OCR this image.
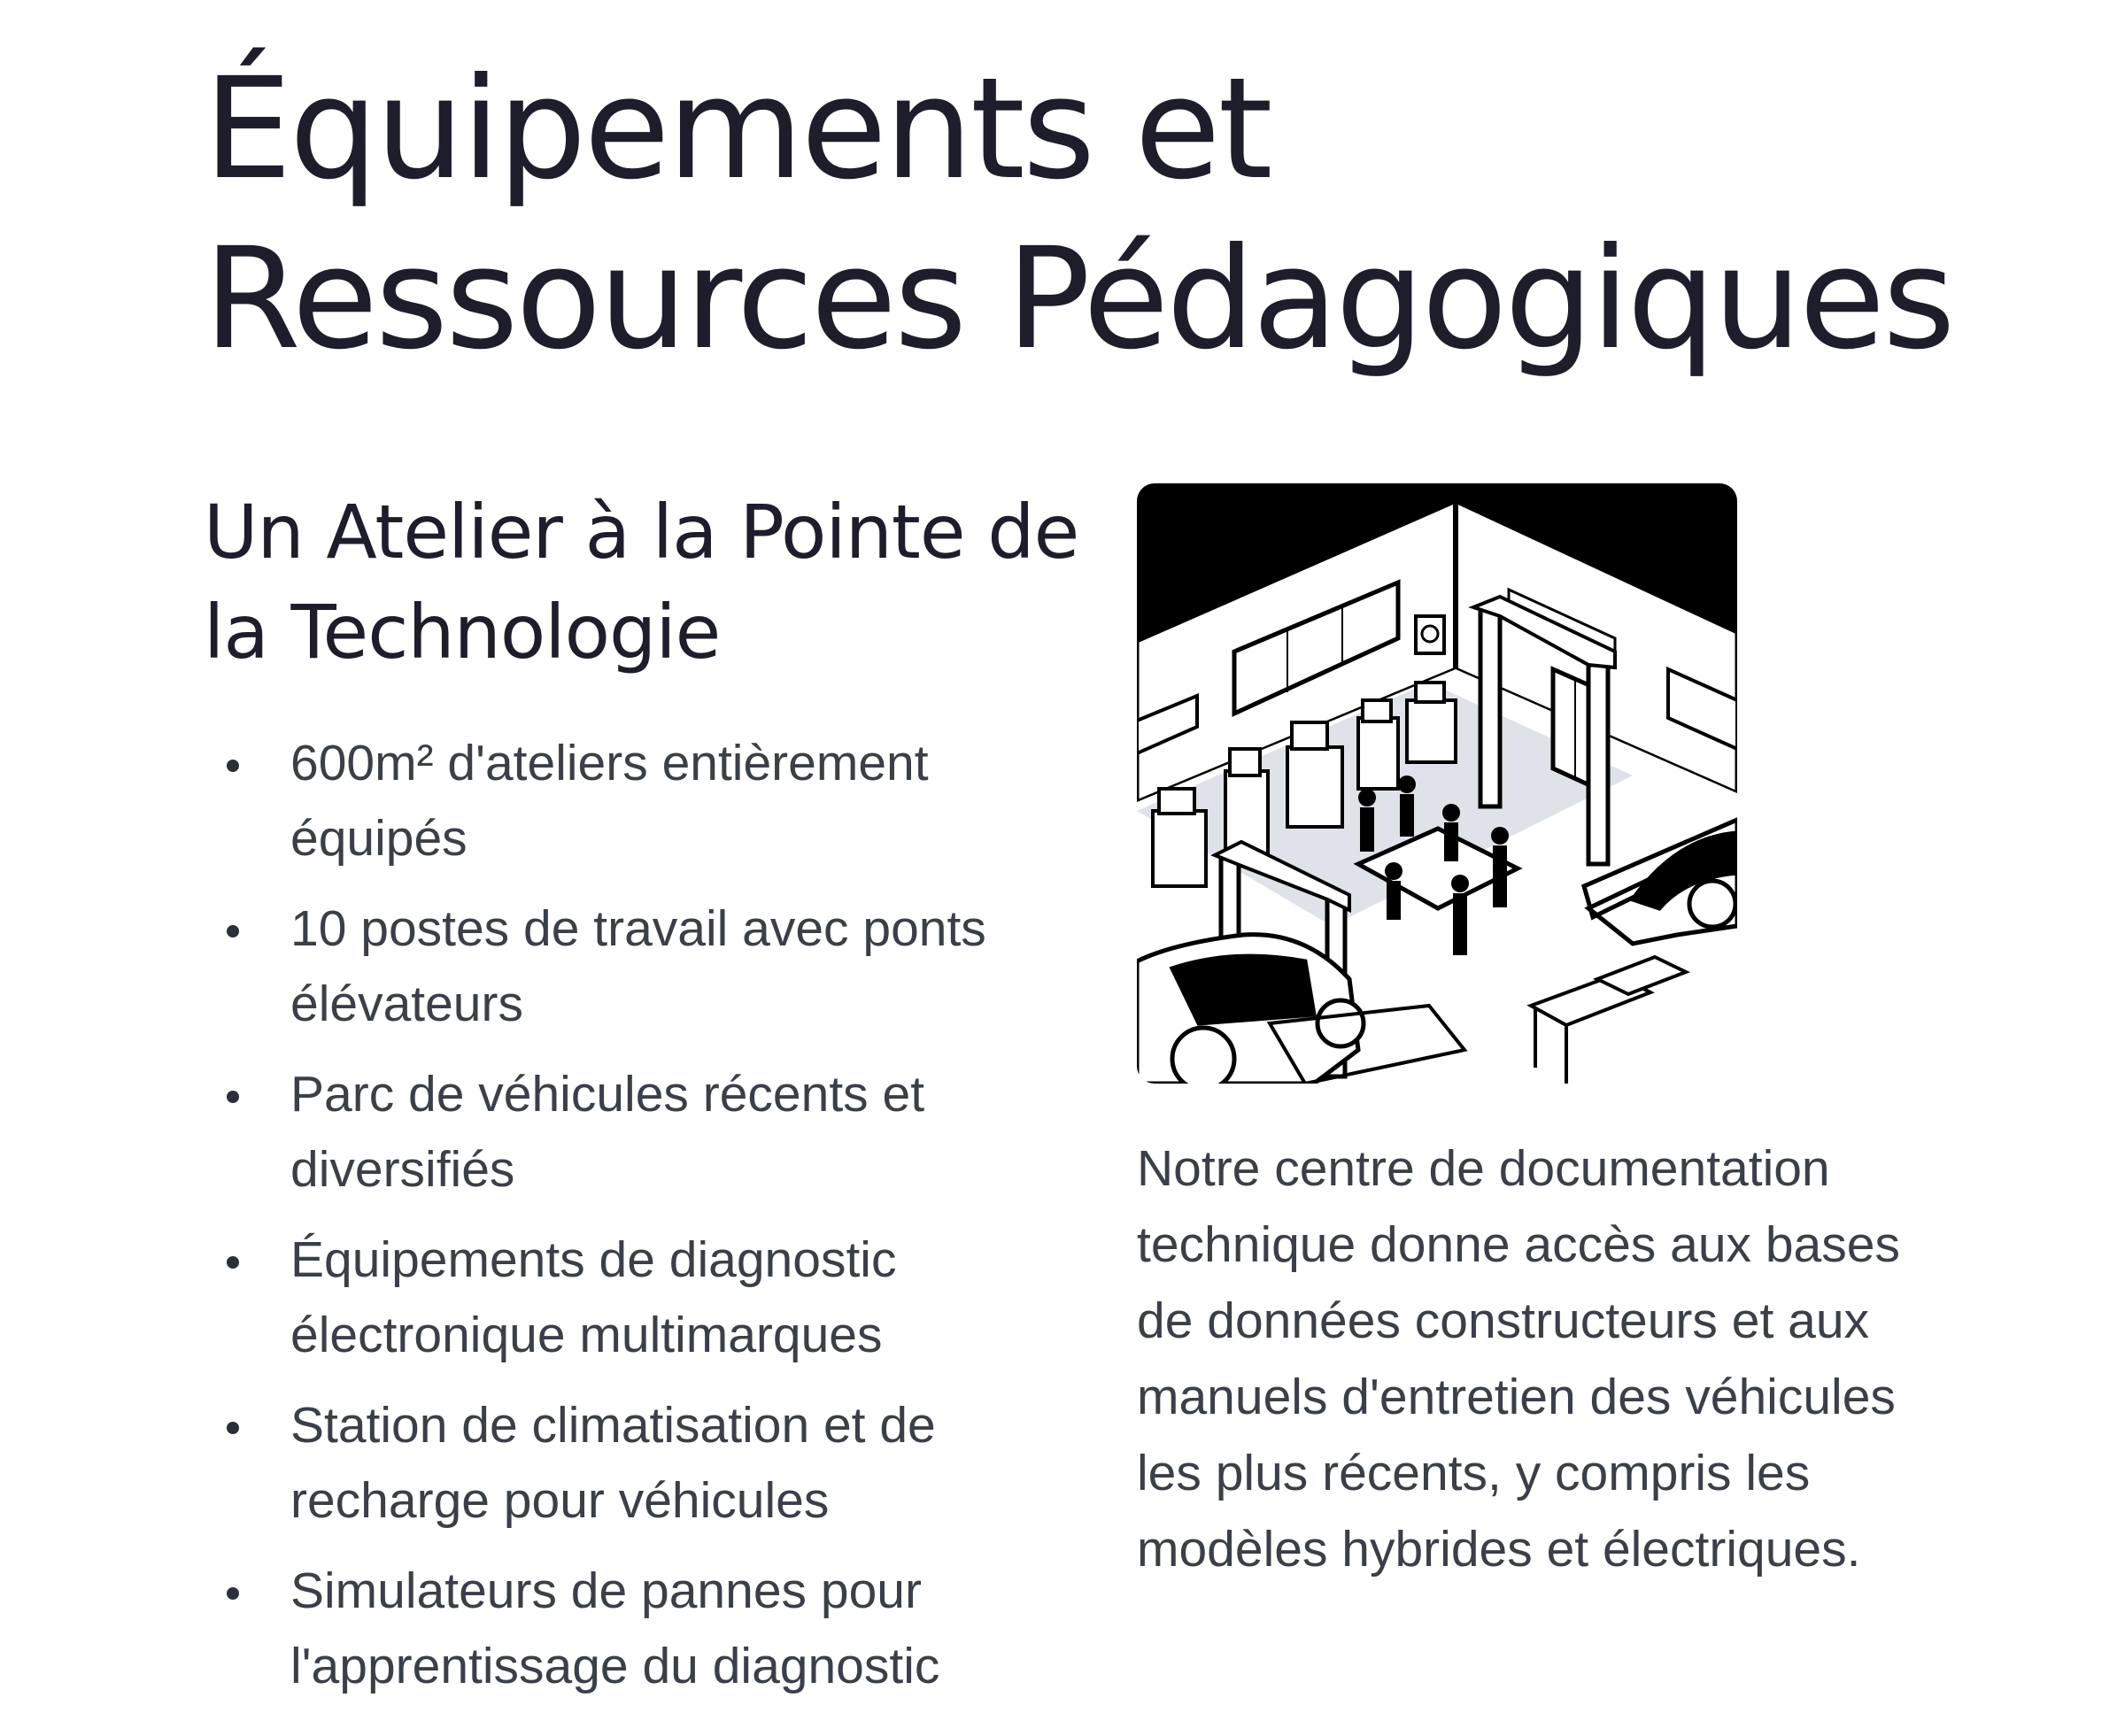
Équipements et Ressources Pédagogiques
Un Atelier à la Pointe de la Technologie
600m² d'ateliers entièrement équipés
10 postes de travail avec ponts élévateurs
Parc de véhicules récents et diversifiés
Équipements de diagnostic électronique multimarques
Station de climatisation et de recharge pour véhicules
Simulateurs de pannes pour l'apprentissage du diagnostic

Notre centre de documentation technique donne accès aux bases de données constructeurs et aux manuels d'entretien des véhicules les plus récents, y compris les modèles hybrides et électriques.
